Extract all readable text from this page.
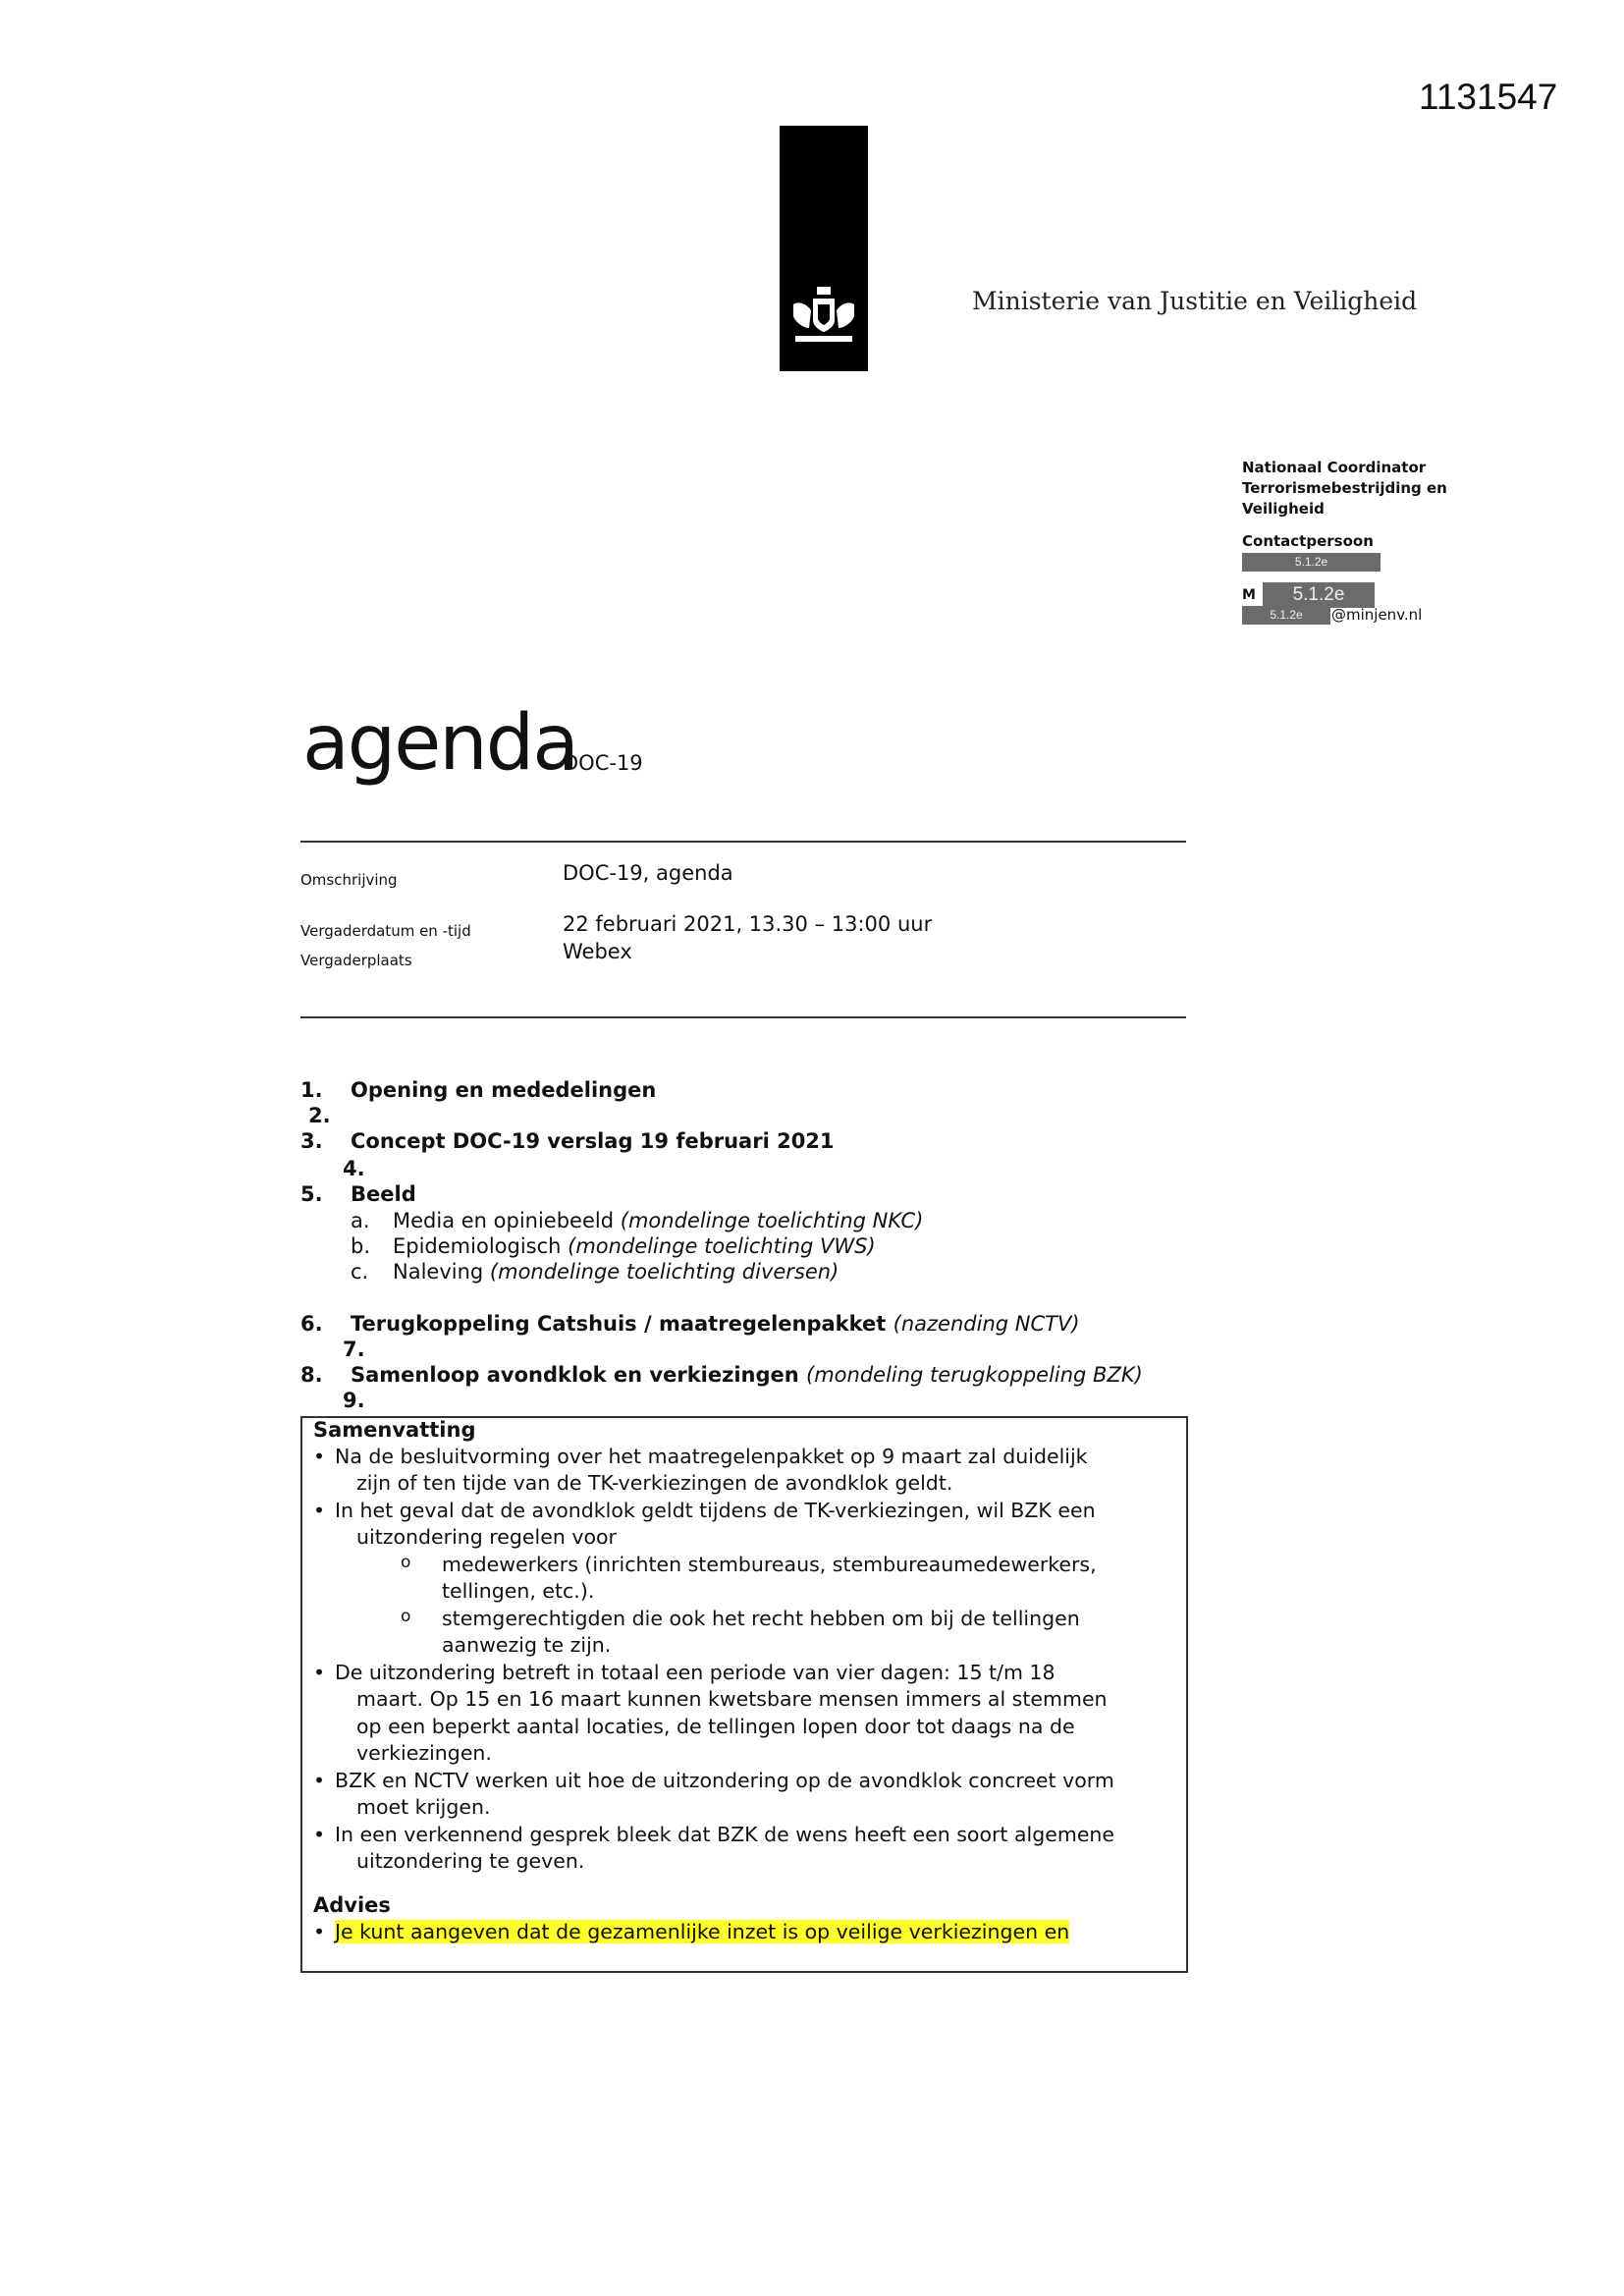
1131547
Ministerie van Justitie en Veiligheid
Nationaal Coordinator
Terrorismebestrijding en
Veiligheid
Contactpersoon
5.1.2e
M	5.1.2e
5.1.2e	@minjenv.nl
agenda
DOC-19
Omschrijving	DOC-19, agenda
Vergaderdatum en -tijd	22 februari 2021, 13.30 – 13:00 uur
Vergaderplaats	Webex
1. Opening en mededelingen
2.
3. Concept DOC-19 verslag 19 februari 2021
4.
5. Beeld
a. Media en opiniebeeld (mondelinge toelichting NKC)
b. Epidemiologisch (mondelinge toelichting VWS)
c. Naleving (mondelinge toelichting diversen)
6. Terugkoppeling Catshuis / maatregelenpakket (nazending NCTV)
7.
8. Samenloop avondklok en verkiezingen (mondeling terugkoppeling BZK)
9.
Samenvatting
• Na de besluitvorming over het maatregelenpakket op 9 maart zal duidelijk
zijn of ten tijde van de TK-verkiezingen de avondklok geldt.
• In het geval dat de avondklok geldt tijdens de TK-verkiezingen, wil BZK een
uitzondering regelen voor
o medewerkers (inrichten stembureaus, stembureaumedewerkers,
tellingen, etc.).
o stemgerechtigden die ook het recht hebben om bij de tellingen
aanwezig te zijn.
• De uitzondering betreft in totaal een periode van vier dagen: 15 t/m 18
maart. Op 15 en 16 maart kunnen kwetsbare mensen immers al stemmen
op een beperkt aantal locaties, de tellingen lopen door tot daags na de
verkiezingen.
• BZK en NCTV werken uit hoe de uitzondering op de avondklok concreet vorm
moet krijgen.
• In een verkennend gesprek bleek dat BZK de wens heeft een soort algemene
uitzondering te geven.
Advies
• Je kunt aangeven dat de gezamenlijke inzet is op veilige verkiezingen en
